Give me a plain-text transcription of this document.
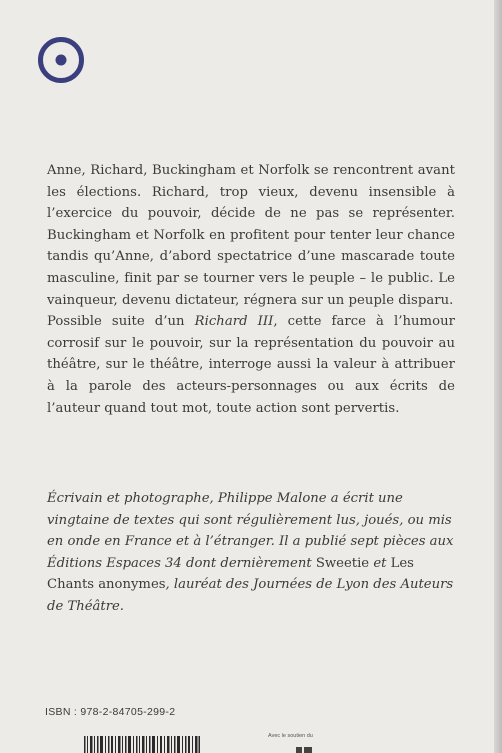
Anne, Richard, Buckingham et Norfolk se rencontrent avant les élections. Richard, trop vieux, devenu insensible à l’exercice du pouvoir, décide de ne pas se représenter. Buckingham et Norfolk en profitent pour tenter leur chance tandis qu’Anne, d’abord spectatrice d’une mascarade toute masculine, finit par se tourner vers le peuple – le public. Le vainqueur, devenu dictateur, régnera sur un peuple disparu.

Possible suite d’un Richard III, cette farce à l’humour corrosif sur le pouvoir, sur la représentation du pouvoir au théâtre, sur le théâtre, interroge aussi la valeur à attribuer à la parole des acteurs-personnages ou aux écrits de l’auteur quand tout mot, toute action sont pervertis.

Écrivain et photographe, Philippe Malone a écrit une vingtaine de textes qui sont régulièrement lus, joués, ou mis en onde en France et à l’étranger. Il a publié sept pièces aux Éditions Espaces 34 dont dernièrement Sweetie et Les Chants anonymes, lauréat des Journées de Lyon des Auteurs de Théâtre.
ISBN : 978-2-84705-299-2
Avec le soutien du
